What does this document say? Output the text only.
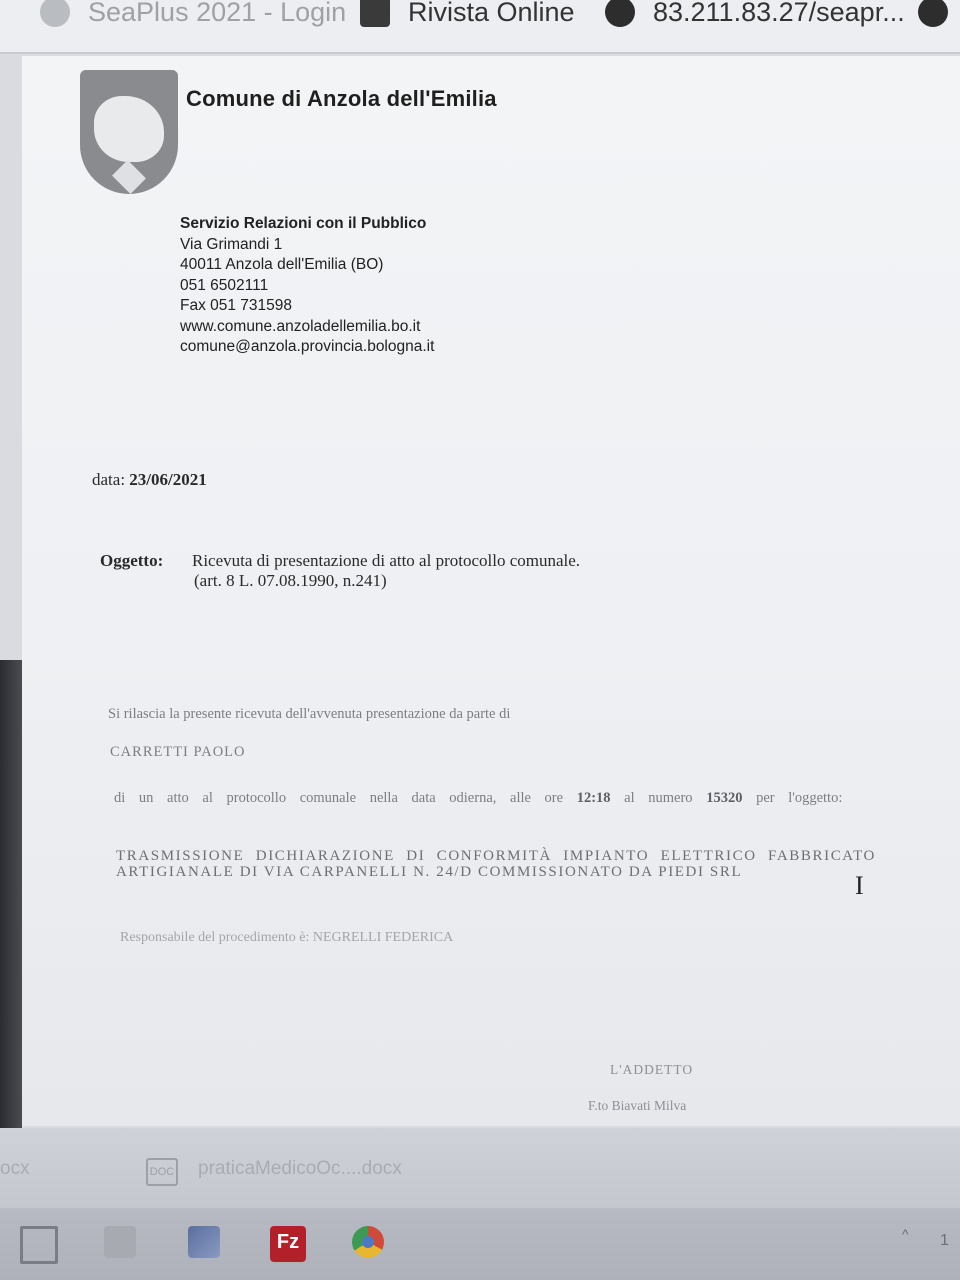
SeaPlus 2021 - Login Rivista Online	83.211.83.27/seapr...
Comune di Anzola dell'Emilia
Servizio Relazioni con il Pubblico
Via Grimandi 1
40011 Anzola dell'Emilia (BO)
051 6502111
Fax 051 731598
www.comune.anzoladellemilia.bo.it
comune@anzola.provincia.bologna.it
data: 23/06/2021
Oggetto: Ricevuta di presentazione di atto al protocollo comunale.
(art. 8 L. 07.08.1990, n.241)
Si rilascia la presente ricevuta dell'avvenuta presentazione da parte di
CARRETTI PAOLO
di un atto al protocollo comunale nella data odierna, alle ore 12:18 al numero 15320 per l'oggetto:
TRASMISSIONE DICHIARAZIONE DI CONFORMITÀ IMPIANTO ELETTRICO FABBRICATO ARTIGIANALE DI VIA CARPANELLI N. 24/D COMMISSIONATO DA PIEDI SRL	I
Responsabile del procedimento è: NEGRELLI FEDERICA
L'ADDETTO
F.to Biavati Milva
ocx	DOC praticaMedicoOc....docx
Fz	^ 1
